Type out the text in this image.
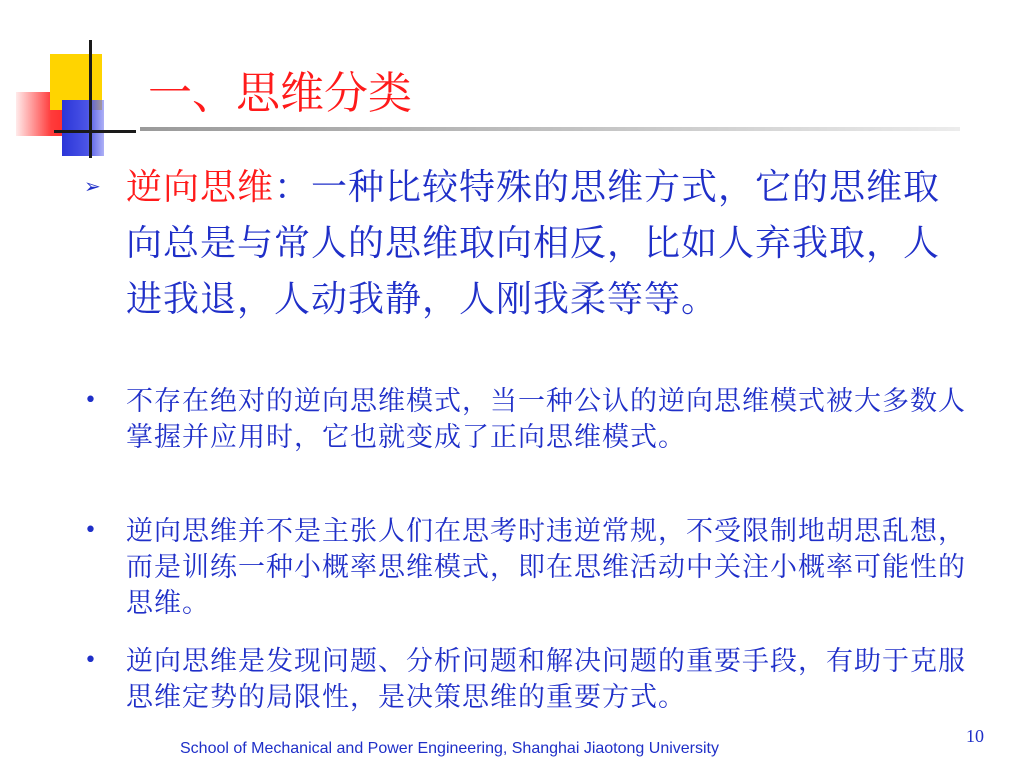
一、思维分类
➢ 逆向思维：一种比较特殊的思维方式，它的思维取向总是与常人的思维取向相反，比如人弃我取，人进我退，人动我静，人刚我柔等等。
• 不存在绝对的逆向思维模式，当一种公认的逆向思维模式被大多数人掌握并应用时，它也就变成了正向思维模式。
• 逆向思维并不是主张人们在思考时违逆常规，不受限制地胡思乱想，而是训练一种小概率思维模式，即在思维活动中关注小概率可能性的思维。
• 逆向思维是发现问题、分析问题和解决问题的重要手段，有助于克服思维定势的局限性，是决策思维的重要方式。
School of Mechanical and Power Engineering, Shanghai Jiaotong University
10
